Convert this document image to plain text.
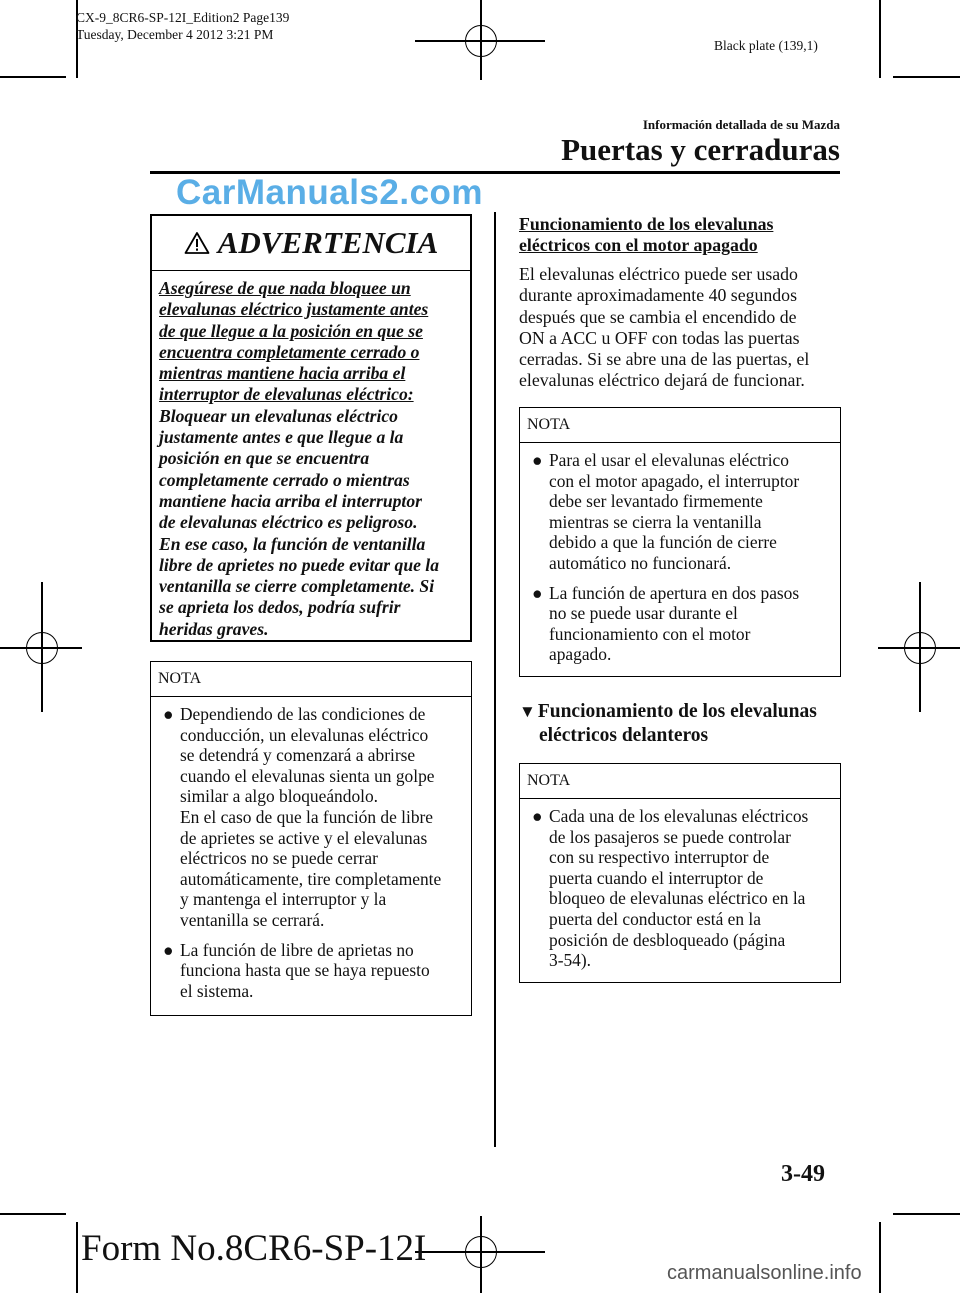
CX-9_8CR6-SP-12I_Edition2 Page139
Tuesday, December 4 2012 3:21 PM
Black plate (139,1)
Información detallada de su Mazda
Puertas y cerraduras
CarManuals2.com
ADVERTENCIA
Asegúrese de que nada bloquee un
elevalunas eléctrico justamente antes
de que llegue a la posición en que se
encuentra completamente cerrado o
mientras mantiene hacia arriba el
interruptor de elevalunas eléctrico:
Bloquear un elevalunas eléctrico
justamente antes e que llegue a la
posición en que se encuentra
completamente cerrado o mientras
mantiene hacia arriba el interruptor
de elevalunas eléctrico es peligroso.
En ese caso, la función de ventanilla
libre de aprietes no puede evitar que la
ventanilla se cierre completamente. Si
se aprieta los dedos, podría sufrir
heridas graves.
NOTA
● Dependiendo de las condiciones de
conducción, un elevalunas eléctrico
se detendrá y comenzará a abrirse
cuando el elevalunas sienta un golpe
similar a algo bloqueándolo.
En el caso de que la función de libre
de aprietes se active y el elevalunas
eléctricos no se puede cerrar
automáticamente, tire completamente
y mantenga el interruptor y la
ventanilla se cerrará.
● La función de libre de aprietas no
funciona hasta que se haya repuesto
el sistema.
Funcionamiento de los elevalunas
eléctricos con el motor apagado
El elevalunas eléctrico puede ser usado
durante aproximadamente 40 segundos
después que se cambia el encendido de
ON a ACC u OFF con todas las puertas
cerradas. Si se abre una de las puertas, el
elevalunas eléctrico dejará de funcionar.
NOTA
● Para el usar el elevalunas eléctrico
con el motor apagado, el interruptor
debe ser levantado firmemente
mientras se cierra la ventanilla
debido a que la función de cierre
automático no funcionará.
● La función de apertura en dos pasos
no se puede usar durante el
funcionamiento con el motor
apagado.
▼ Funcionamiento de los elevalunas
eléctricos delanteros
NOTA
● Cada una de los elevalunas eléctricos
de los pasajeros se puede controlar
con su respectivo interruptor de
puerta cuando el interruptor de
bloqueo de elevalunas eléctrico en la
puerta del conductor está en la
posición de desbloqueado (página
3-54).
3-49
Form No.8CR6-SP-12I
carmanualsonline.info
